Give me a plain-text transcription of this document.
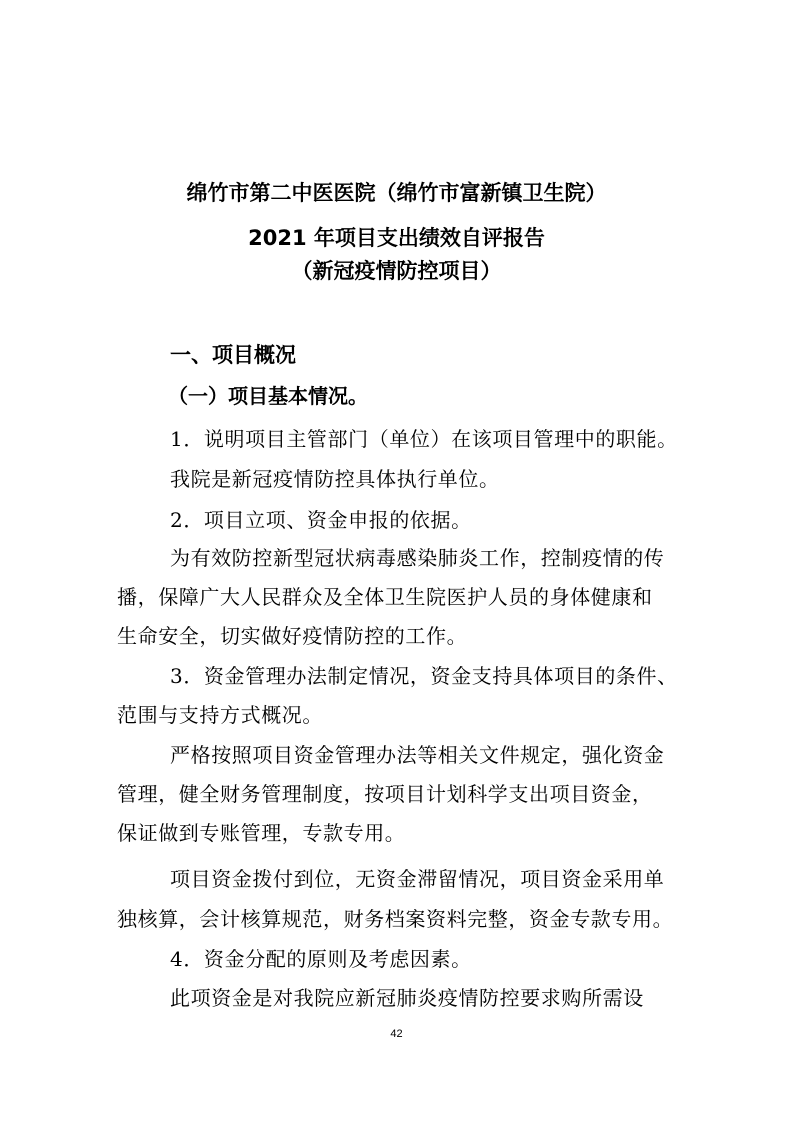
绵竹市第二中医医院（绵竹市富新镇卫生院）
2021 年项目支出绩效自评报告
（新冠疫情防控项目）
一、项目概况
（一）项目基本情况。
1．说明项目主管部门（单位）在该项目管理中的职能。
我院是新冠疫情防控具体执行单位。
2．项目立项、资金申报的依据。
为有效防控新型冠状病毒感染肺炎工作，控制疫情的传
播，保障广大人民群众及全体卫生院医护人员的身体健康和
生命安全，切实做好疫情防控的工作。
3．资金管理办法制定情况，资金支持具体项目的条件、
范围与支持方式概况。
严格按照项目资金管理办法等相关文件规定，强化资金
管理，健全财务管理制度，按项目计划科学支出项目资金，
保证做到专账管理，专款专用。
项目资金拨付到位，无资金滞留情况，项目资金采用单
独核算，会计核算规范，财务档案资料完整，资金专款专用。
4．资金分配的原则及考虑因素。
此项资金是对我院应新冠肺炎疫情防控要求购所需设
42
